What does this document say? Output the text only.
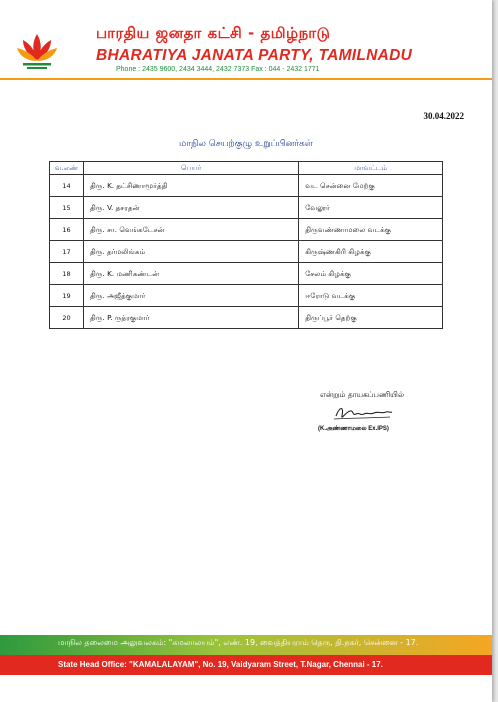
பாரதிய ஜனதா கட்சி - தமிழ்நாடு
BHARATIYA JANATA PARTY, TAMILNADU
Phone : 2435 9600, 2434 3444, 2432 7373 Fax : 044 - 2432 1771
30.04.2022
மாநில செயற்குழு உறுப்பினர்கள்
வ.எண்	பெயர்	மாவட்டம்
14	திரு. K. தட்சிணாமூர்த்தி	வட சென்னை மேற்கு
15	திரு. V. தசரதன்	வேலூர்
16	திரு. சா. வெங்கடேசன்	திருவண்ணாமலை வடக்கு
17	திரு. தர்மலிங்கம்	கிருஷ்ணகிரி கிழக்கு
18	திரு. K. மணிகண்டன்	சேலம் கிழக்கு
19	திரு. அஜீத்குமார்	ஈரோடு வடக்கு
20	திரு. P. ருத்ரகுமார்	திருப்பூர் தெற்கு
என்றும் தாயகப்பணியில்
(K.அண்ணாமலை Ex.IPS)
மாநில தலைமை அலுவலகம்: "கமலாலயம்", எண். 19, வைத்தியராம் தெரு, தி.நகர், சென்னை - 17.
State Head Office: "KAMALALAYAM", No. 19, Vaidyaram Street, T.Nagar, Chennai - 17.
